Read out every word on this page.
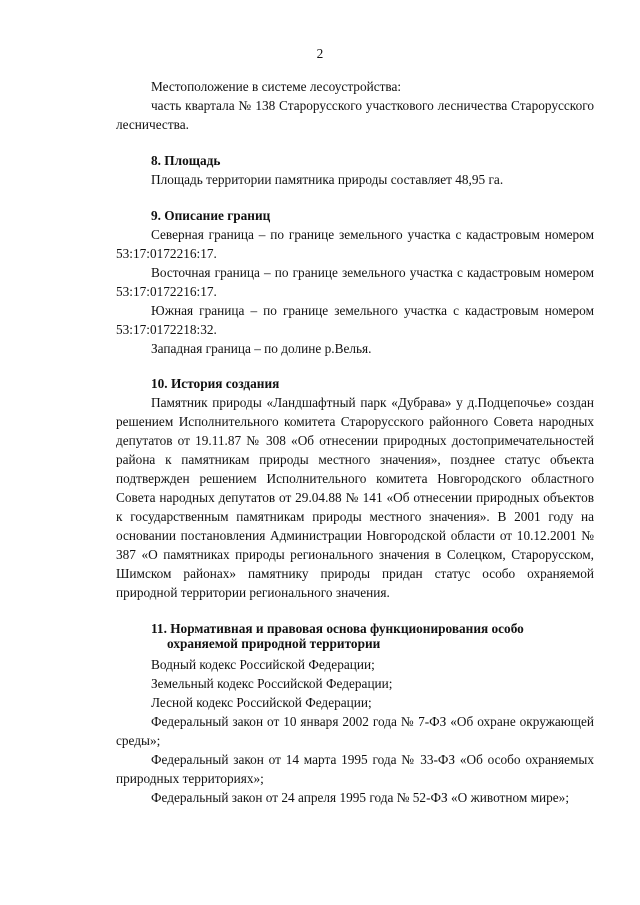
2

Местоположение в системе лесоустройства:

часть квартала № 138 Старорусского участкового лесничества Старорусского лесничества.

8. Площадь

Площадь территории памятника природы составляет 48,95 га.

9. Описание границ

Северная граница – по границе земельного участка с кадастровым номером 53:17:0172216:17.

Восточная граница – по границе земельного участка с кадастровым номером 53:17:0172216:17.

Южная граница – по границе земельного участка с кадастровым номером 53:17:0172218:32.

Западная граница – по долине р.Велья.

10. История создания

Памятник природы «Ландшафтный парк «Дубрава» у д.Подцепочье» создан решением Исполнительного комитета Старорусского районного Совета народных депутатов от 19.11.87 № 308 «Об отнесении природных достопримечательностей района к памятникам природы местного значения», позднее статус объекта подтвержден решением Исполнительного комитета Новгородского областного Совета народных депутатов от 29.04.88 № 141 «Об отнесении природных объектов к государственным памятникам природы местного значения». В 2001 году на основании постановления Администрации Новгородской области от 10.12.2001 № 387 «О памятниках природы регионального значения в Солецком, Старорусском, Шимском районах» памятнику природы придан статус особо охраняемой природной территории регионального значения.

11. Нормативная и правовая основа функционирования особо
охраняемой природной территории

Водный кодекс Российской Федерации;

Земельный кодекс Российской Федерации;

Лесной кодекс Российской Федерации;

Федеральный закон от 10 января 2002 года № 7-ФЗ «Об охране окружающей среды»;

Федеральный закон от 14 марта 1995 года № 33-ФЗ «Об особо охраняемых природных территориях»;

Федеральный закон от 24 апреля 1995 года № 52-ФЗ «О животном мире»;
